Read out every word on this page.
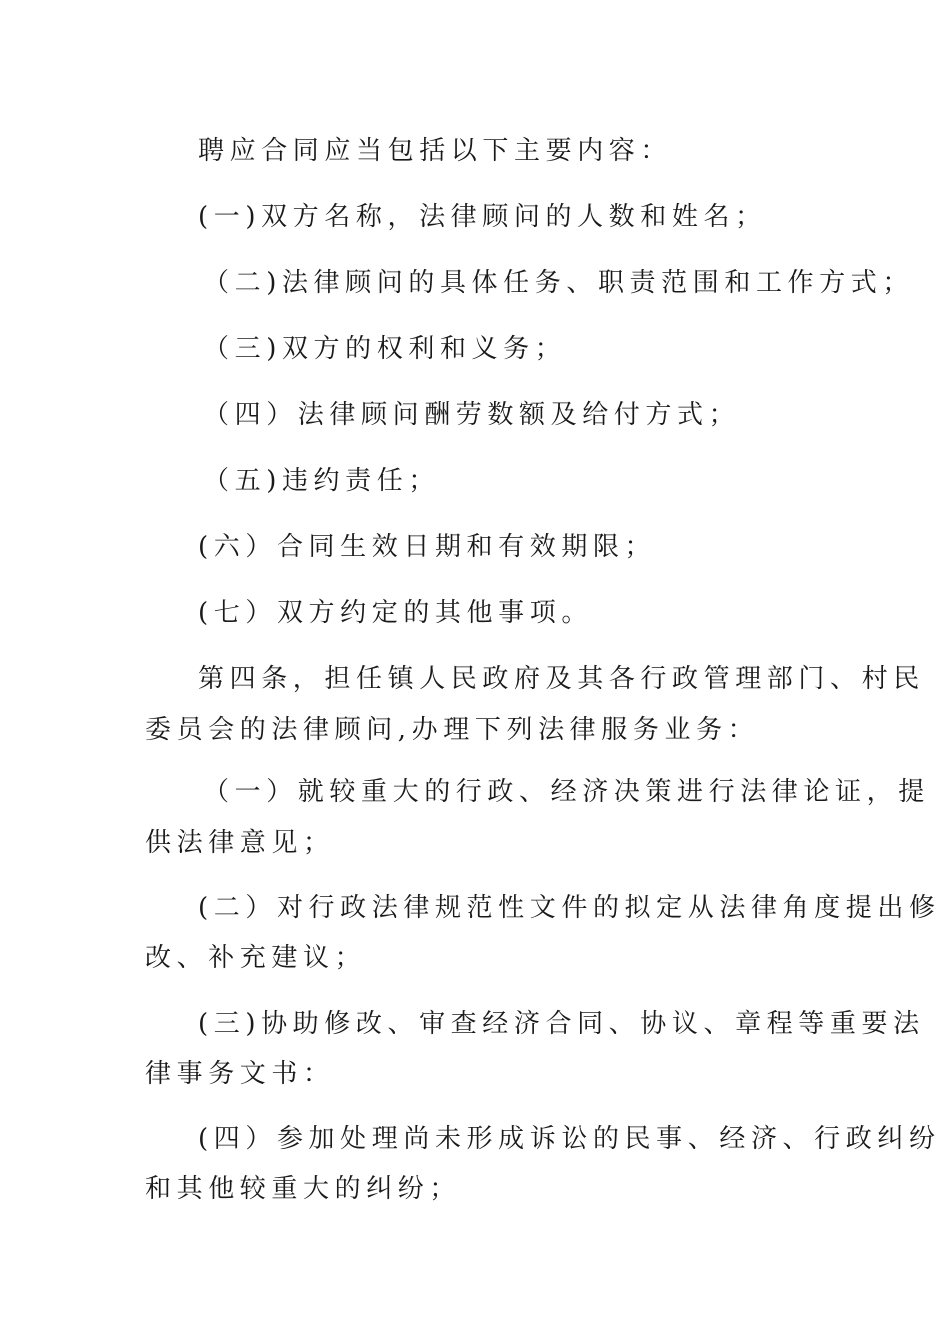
聘应合同应当包括以下主要内容：
(一)双方名称，法律顾问的人数和姓名；
（二)法律顾问的具体任务、职责范围和工作方式；
（三)双方的权利和义务；
（四）法律顾问酬劳数额及给付方式；
（五)违约责任；
(六）合同生效日期和有效期限；
(七）双方约定的其他事项。
第四条，担任镇人民政府及其各行政管理部门、村民
委员会的法律顾问,办理下列法律服务业务：
（一）就较重大的行政、经济决策进行法律论证，提
供法律意见；
(二）对行政法律规范性文件的拟定从法律角度提出修
改、补充建议；
(三)协助修改、审查经济合同、协议、章程等重要法
律事务文书：
(四）参加处理尚未形成诉讼的民事、经济、行政纠纷
和其他较重大的纠纷；
